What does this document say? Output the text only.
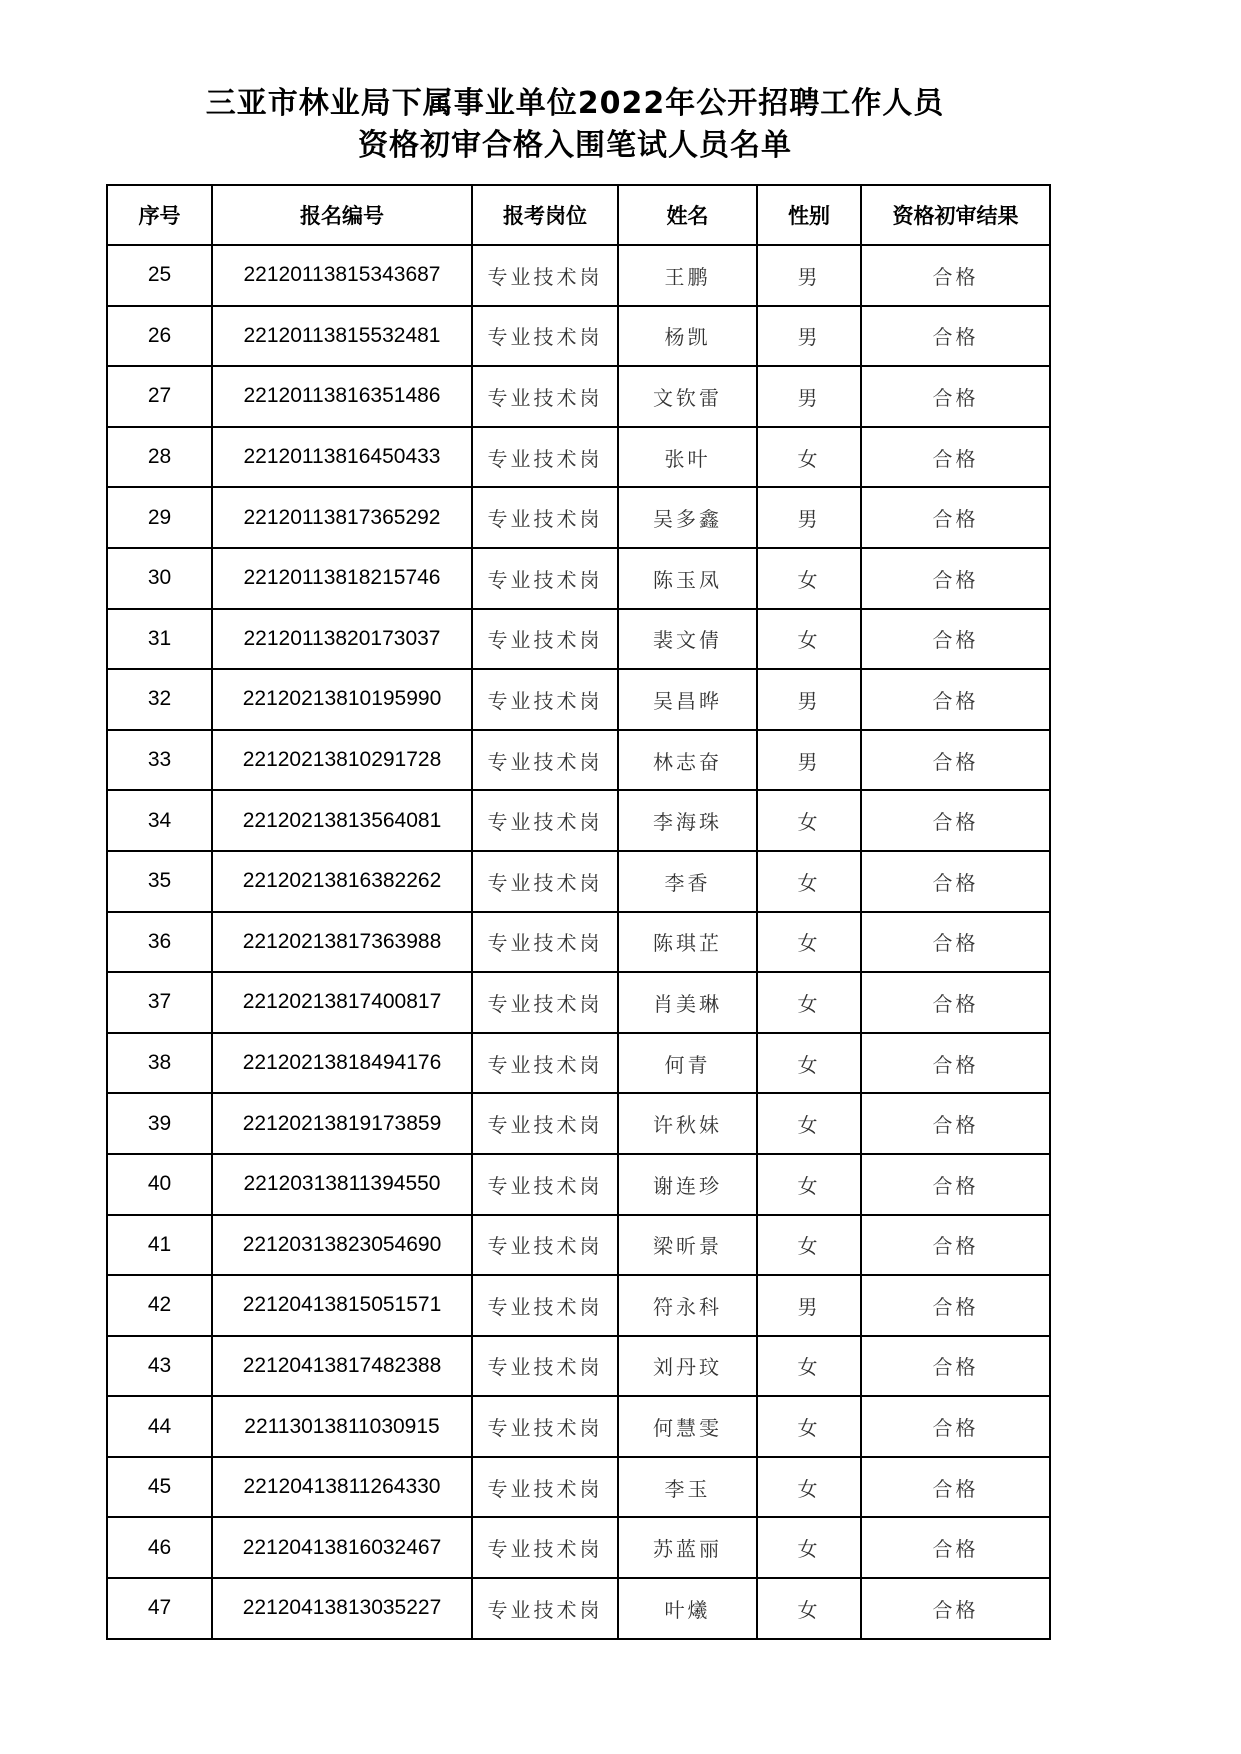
三亚市林业局下属事业单位2022年公开招聘工作人员
资格初审合格入围笔试人员名单
序号	报名编号	报考岗位	姓名	性别	资格初审结果
25	22120113815343687	专业技术岗	王鹏	男	合格
26	22120113815532481	专业技术岗	杨凯	男	合格
27	22120113816351486	专业技术岗	文钦雷	男	合格
28	22120113816450433	专业技术岗	张叶	女	合格
29	22120113817365292	专业技术岗	吴多鑫	男	合格
30	22120113818215746	专业技术岗	陈玉凤	女	合格
31	22120113820173037	专业技术岗	裴文倩	女	合格
32	22120213810195990	专业技术岗	吴昌晔	男	合格
33	22120213810291728	专业技术岗	林志奋	男	合格
34	22120213813564081	专业技术岗	李海珠	女	合格
35	22120213816382262	专业技术岗	李香	女	合格
36	22120213817363988	专业技术岗	陈琪芷	女	合格
37	22120213817400817	专业技术岗	肖美琳	女	合格
38	22120213818494176	专业技术岗	何青	女	合格
39	22120213819173859	专业技术岗	许秋妹	女	合格
40	22120313811394550	专业技术岗	谢连珍	女	合格
41	22120313823054690	专业技术岗	梁昕景	女	合格
42	22120413815051571	专业技术岗	符永科	男	合格
43	22120413817482388	专业技术岗	刘丹玟	女	合格
44	22113013811030915	专业技术岗	何慧雯	女	合格
45	22120413811264330	专业技术岗	李玉	女	合格
46	22120413816032467	专业技术岗	苏蓝丽	女	合格
47	22120413813035227	专业技术岗	叶爔	女	合格
